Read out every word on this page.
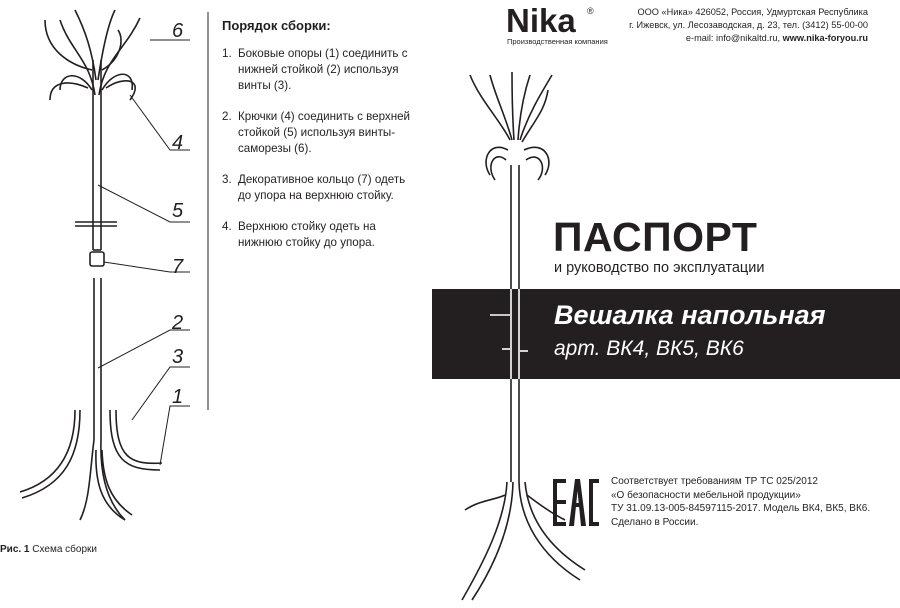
6
4
5
7
2
3
1
Рис. 1 Схема сборки
Порядок сборки:
1. Боковые опоры (1) соединить с нижней стойкой (2) используя винты (3).
2. Крючки (4) соединить с верхней стойкой (5) используя винты-саморезы (6).
3. Декоративное кольцо (7) одеть до упора на верхнюю стойку.
4. Верхнюю стойку одеть на нижнюю стойку до упора.
Nika ®
Производственная компания
ООО «Ника» 426052, Россия, Удмуртская Республика
г. Ижевск, ул. Лесозаводская, д. 23, тел. (3412) 55-00-00
e-mail: info@nikaltd.ru, www.nika-foryou.ru
ПАСПОРТ
и руководство по эксплуатации
Вешалка напольная
арт. ВК4, ВК5, ВК6
Соответствует требованиям ТР ТС 025/2012
«О безопасности мебельной продукции»
ТУ 31.09.13-005-84597115-2017. Модель ВК4, ВК5, ВК6.
Сделано в России.
